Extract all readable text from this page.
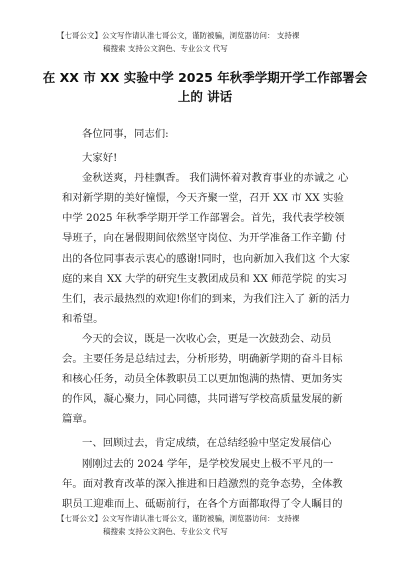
【七哥公文】公文写作请认准七哥公文，谨防被骗，浏览器访问： 支持裸
稿搜索 支持公文润色、专业公文 代写
在 XX 市 XX 实验中学 2025 年秋季学期开学工作部署会
上的 讲话

各位同事，同志们:

大家好!

金秋送爽，丹桂飘香。 我们满怀着对教育事业的赤诚之 心和对新学期的美好憧憬，今天齐聚一堂，召开 XX 市 XX 实验 中学 2025 年秋季学期开学工作部署会。首先，我代表学校领 导班子，向在暑假期间依然坚守岗位、为开学准备工作辛勤 付出的各位同事表示衷心的感谢!同时，也向新加入我们这 个大家庭的来自 XX 大学的研究生支教团成员和 XX 师范学院 的实习生们，表示最热烈的欢迎!你们的到来，为我们注入了 新的活力和希望。

今天的会议，既是一次收心会，更是一次鼓劲会、动员会。主要任务是总结过去，分析形势，明确新学期的奋斗目标和核心任务，动员全体教职员工以更加饱满的热情、更加务实的作风，凝心聚力，同心同德，共同谱写学校高质量发展的新篇章。

一、回顾过去，肯定成绩，在总结经验中坚定发展信心

刚刚过去的 2024 学年，是学校发展史上极不平凡的一年。面对教育改革的深入推进和日趋激烈的竞争态势，全体教职员工迎难而上、砥砺前行，在各个方面都取得了令人瞩目的

【七哥公文】公文写作请认准七哥公文，谨防被骗，浏览器访问： 支持裸
稿搜索 支持公文润色、专业公文 代写
